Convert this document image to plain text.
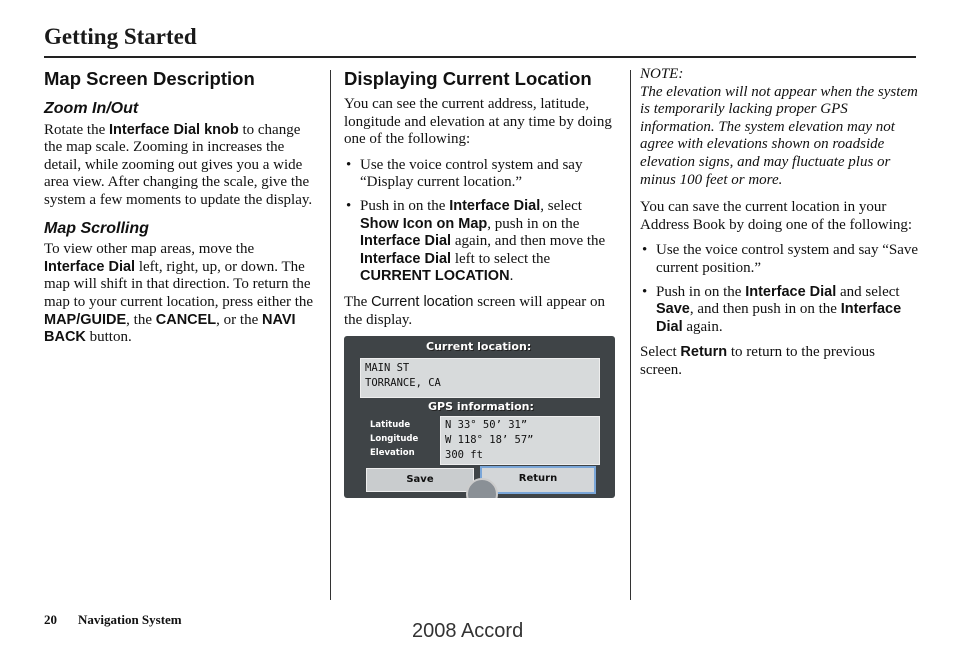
Getting Started
Map Screen Description
Zoom In/Out
Rotate the Interface Dial knob to change the map scale. Zooming in increases the detail, while zooming out gives you a wide area view. After changing the scale, give the system a few moments to update the display.
Map Scrolling
To view other map areas, move the Interface Dial left, right, up, or down. The map will shift in that direction. To return the map to your current location, press either the MAP/GUIDE, the CANCEL, or the NAVI BACK button.
Displaying Current Location
You can see the current address, latitude, longitude and elevation at any time by doing one of the following:
• Use the voice control system and say “Display current location.”
• Push in on the Interface Dial, select Show Icon on Map, push in on the Interface Dial again, and then move the Interface Dial left to select the CURRENT LOCATION.
The Current location screen will appear on the display.
Current location:
MAIN ST
TORRANCE, CA
GPS information:
Latitude
Longitude
Elevation
N 33° 50’ 31”
W 118° 18’ 57”
300 ft
Save	Return
NOTE:
The elevation will not appear when the system is temporarily lacking proper GPS information. The system elevation may not agree with elevations shown on roadside elevation signs, and may fluctuate plus or minus 100 feet or more.
You can save the current location in your Address Book by doing one of the following:
• Use the voice control system and say “Save current position.”
• Push in on the Interface Dial and select Save, and then push in on the Interface Dial again.
Select Return to return to the previous screen.
20 Navigation System
2008 Accord
